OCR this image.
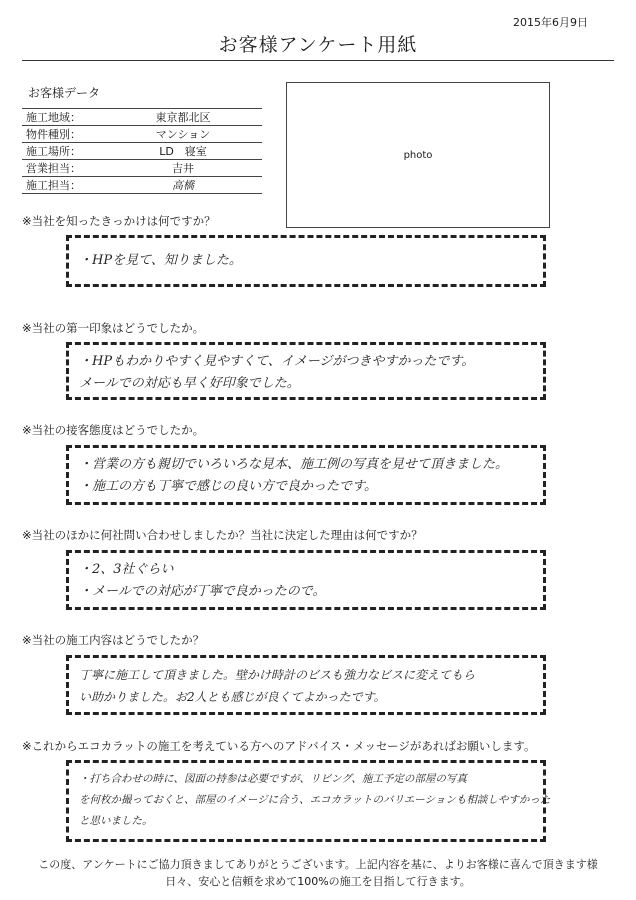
2015年6月9日
お客様アンケート用紙
お客様データ
施工地域：	東京都北区
物件種別：	マンション
施工場所：	LD　寝室
営業担当：	吉井
施工担当：	高橋
photo
※当社を知ったきっかけは何ですか？

・HPを見て、知りました。

※当社の第一印象はどうでしたか。

・HPもわかりやすく見やすくて、イメージがつきやすかったです。

メールでの対応も早く好印象でした。

※当社の接客態度はどうでしたか。

・営業の方も親切でいろいろな見本、施工例の写真を見せて頂きました。

・施工の方も丁寧で感じの良い方で良かったです。

※当社のほかに何社問い合わせしましたか？当社に決定した理由は何ですか？

・2、3社ぐらい

・メールでの対応が丁寧で良かったので。

※当社の施工内容はどうでしたか？

丁寧に施工して頂きました。壁かけ時計のビスも強力なビスに変えてもら

い助かりました。お2人とも感じが良くてよかったです。

※これからエコカラットの施工を考えている方へのアドバイス・メッセージがあればお願いします。

・打ち合わせの時に、図面の持参は必要ですが、リビング、施工予定の部屋の写真

を何枚か撮っておくと、部屋のイメージに合う、エコカラットのバリエーションも相談しやすかった

と思いました。

この度、アンケートにご協力頂きましてありがとうございます。上記内容を基に、よりお客様に喜んで頂きます様
日々、安心と信頼を求めて100%の施工を目指して行きます。
